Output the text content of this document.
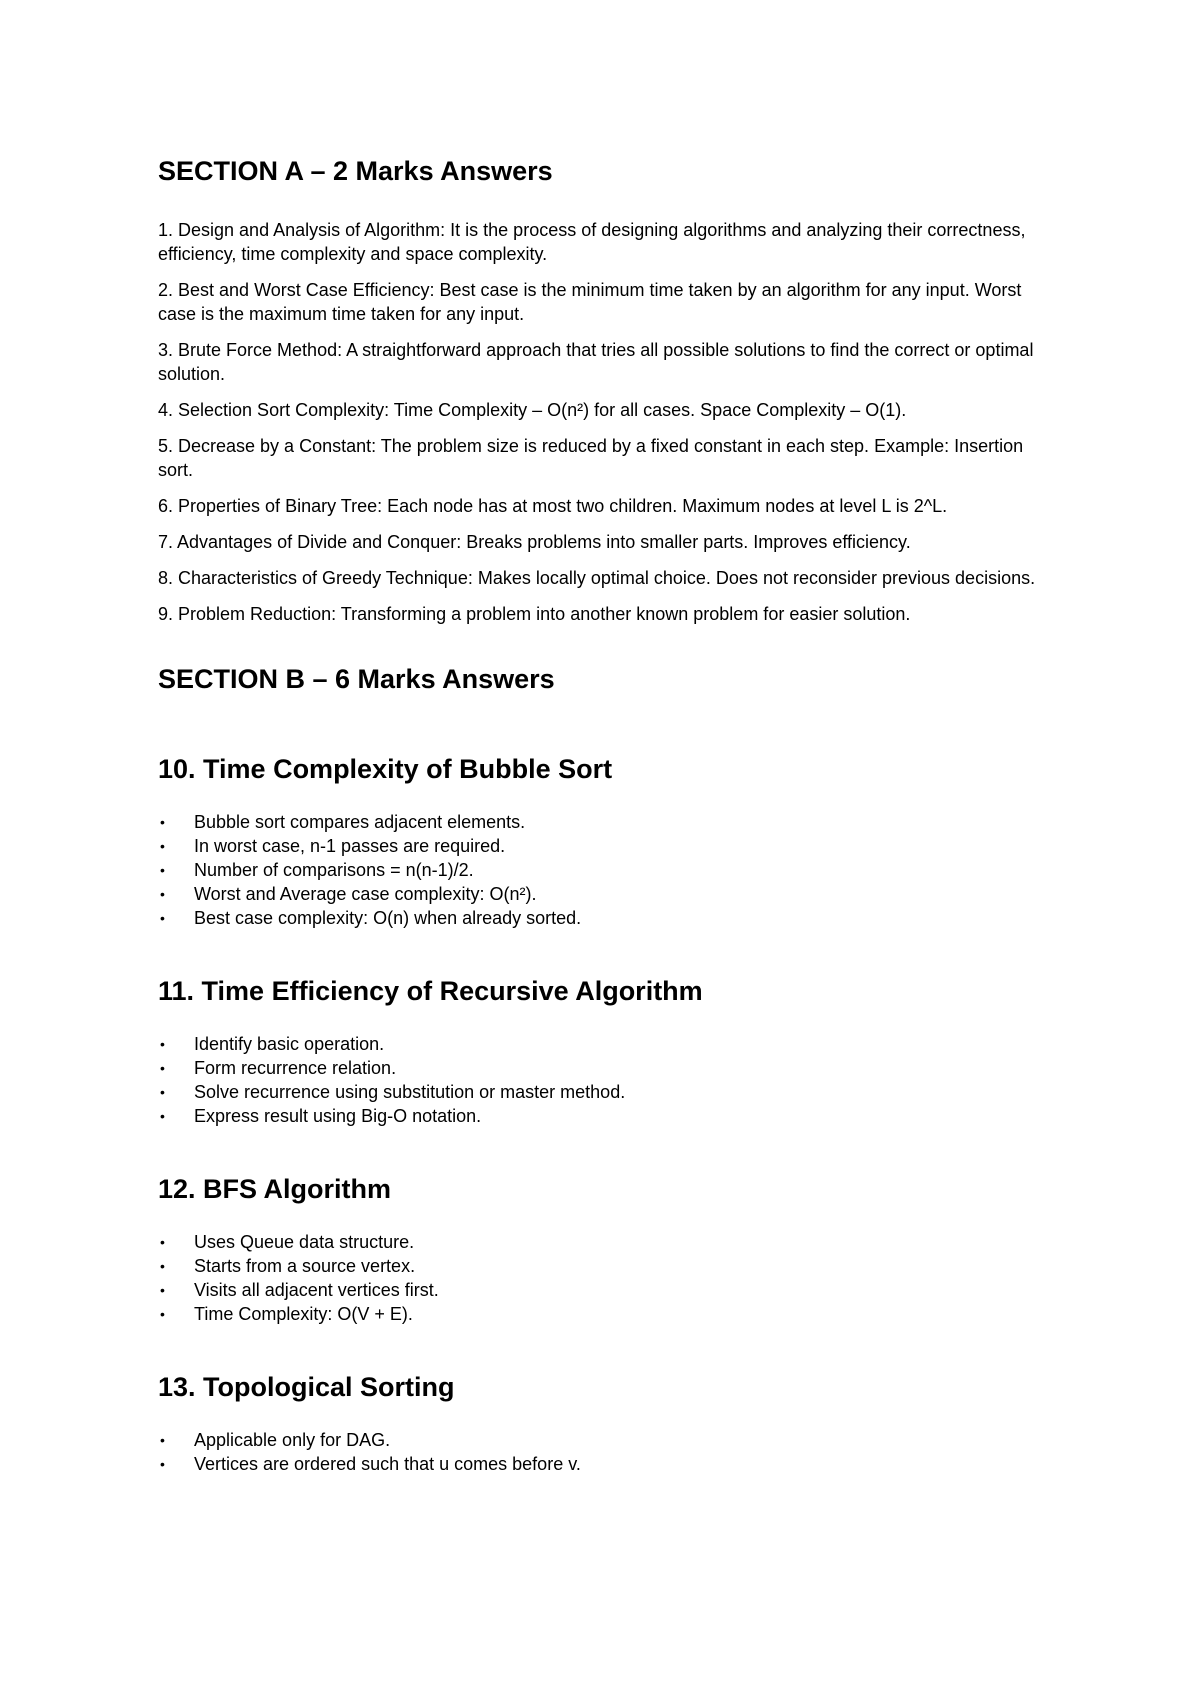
SECTION A – 2 Marks Answers
1. Design and Analysis of Algorithm: It is the process of designing algorithms and analyzing their correctness, efficiency, time complexity and space complexity.
2. Best and Worst Case Efficiency: Best case is the minimum time taken by an algorithm for any input. Worst case is the maximum time taken for any input.
3. Brute Force Method: A straightforward approach that tries all possible solutions to find the correct or optimal solution.
4. Selection Sort Complexity: Time Complexity – O(n²) for all cases. Space Complexity – O(1).
5. Decrease by a Constant: The problem size is reduced by a fixed constant in each step. Example: Insertion sort.
6. Properties of Binary Tree: Each node has at most two children. Maximum nodes at level L is 2^L.
7. Advantages of Divide and Conquer: Breaks problems into smaller parts. Improves efficiency.
8. Characteristics of Greedy Technique: Makes locally optimal choice. Does not reconsider previous decisions.
9. Problem Reduction: Transforming a problem into another known problem for easier solution.
SECTION B – 6 Marks Answers
10. Time Complexity of Bubble Sort
• Bubble sort compares adjacent elements.
• In worst case, n-1 passes are required.
• Number of comparisons = n(n-1)/2.
• Worst and Average case complexity: O(n²).
• Best case complexity: O(n) when already sorted.
11. Time Efficiency of Recursive Algorithm
• Identify basic operation.
• Form recurrence relation.
• Solve recurrence using substitution or master method.
• Express result using Big-O notation.
12. BFS Algorithm
• Uses Queue data structure.
• Starts from a source vertex.
• Visits all adjacent vertices first.
• Time Complexity: O(V + E).
13. Topological Sorting
• Applicable only for DAG.
• Vertices are ordered such that u comes before v.
